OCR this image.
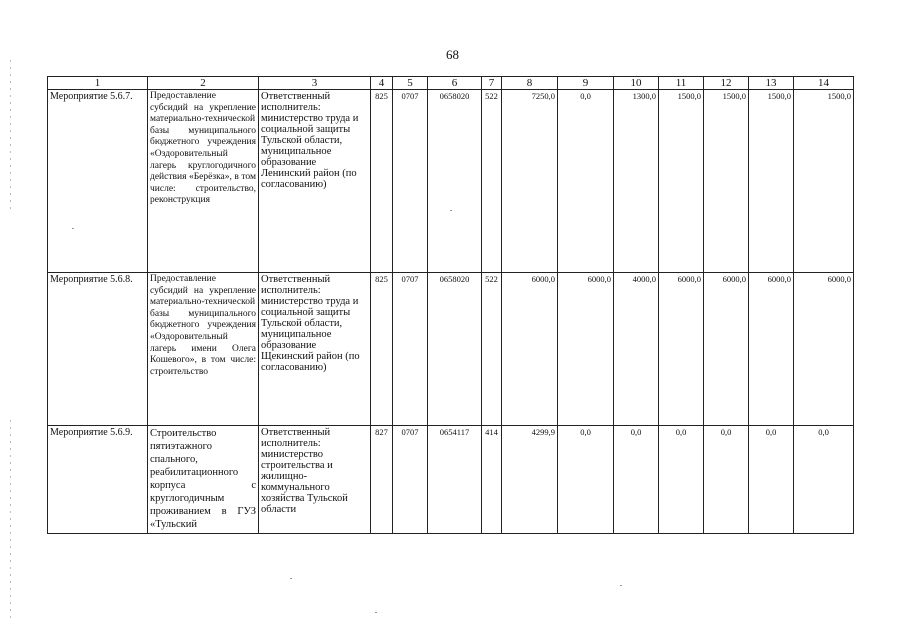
68
1	2	3	4	5	6	7	8	9	10	11	12	13	14
Мероприятие 5.6.7.	Предоставление субсидий на укрепление материально-технической базы муниципального бюджетного учреждения «Оздоровительный лагерь круглогодичного действия «Берёзка», в том числе: строительство, реконструкция	Ответственный исполнитель: министерство труда и социальной защиты Тульской области, муниципальное образование Ленинский район (по согласованию)	825	0707	0658020	522	7250,0	0,0	1300,0	1500,0	1500,0	1500,0	1500,0
Мероприятие 5.6.8.	Предоставление субсидий на укрепление материально-технической базы муниципального бюджетного учреждения «Оздоровительный лагерь имени Олега Кошевого», в том числе: строительство	Ответственный исполнитель: министерство труда и социальной защиты Тульской области, муниципальное образование Щекинский район (по согласованию)	825	0707	0658020	522	6000,0	6000,0	4000,0	6000,0	6000,0	6000,0	6000,0
Мероприятие 5.6.9.	Строительство пятиэтажного спального, реабилитационного корпуса с круглогодичным проживанием в ГУЗ «Тульский	Ответственный исполнитель: министерство строительства и жилищно-коммунального хозяйства Тульской области	827	0707	0654117	414	4299,9	0,0	0,0	0,0	0,0	0,0	0,0
